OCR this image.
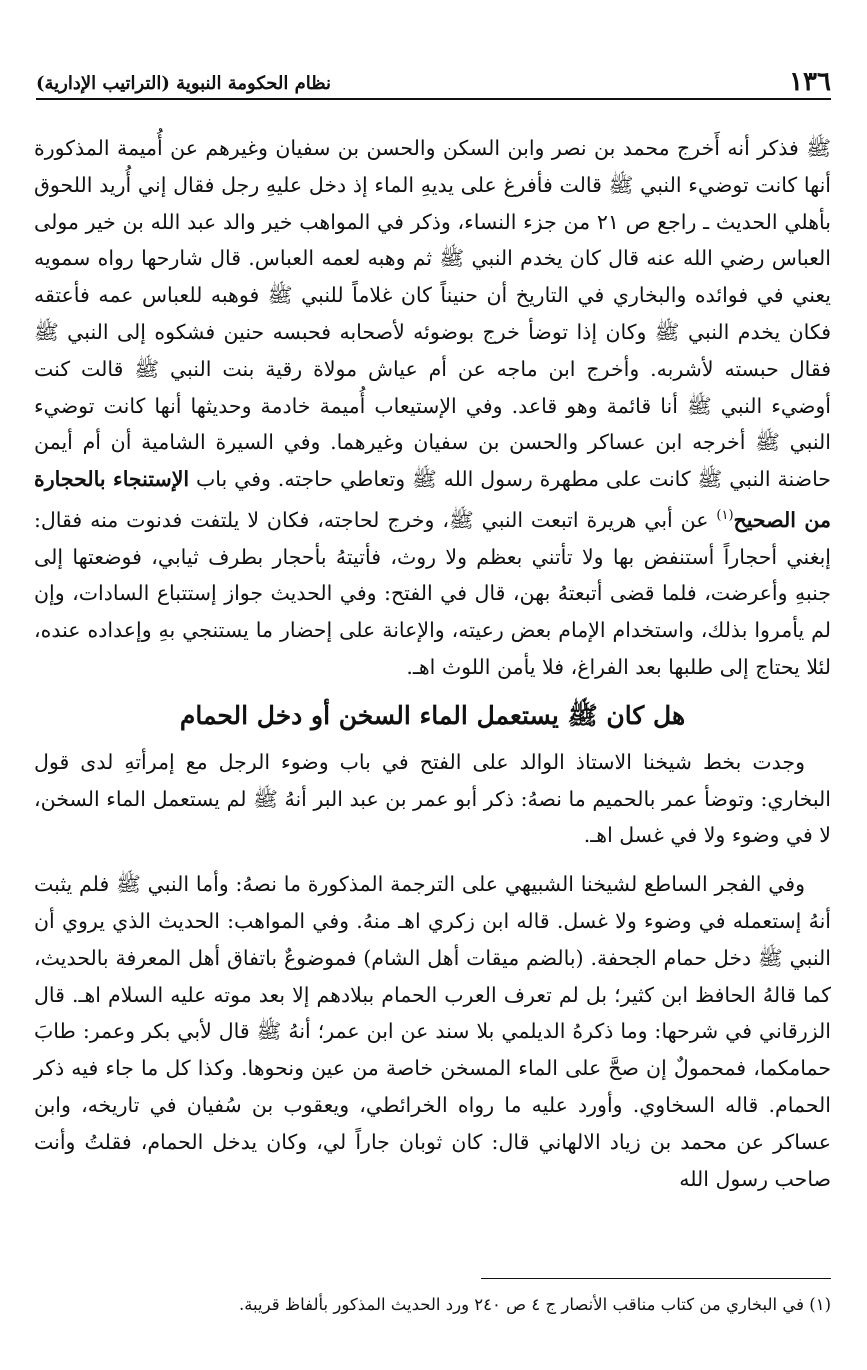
١٣٦
نظام الحكومة النبوية (التراتيب الإدارية)

ﷺ فذكر أنه أَخرج محمد بن نصر وابن السكن والحسن بن سفيان وغيرهم عن أُميمة المذكورة أنها كانت توضيء النبي ﷺ قالت فأفرغ على يديهِ الماء إذ دخل عليهِ رجل فقال إني أُريد اللحوق بأهلي الحديث ـ راجع ص ٢١ من جزء النساء، وذكر في المواهب خير والد عبد الله بن خير مولى العباس رضي الله عنه قال كان يخدم النبي ﷺ ثم وهبه لعمه العباس. قال شارحها رواه سمويه يعني في فوائده والبخاري في التاريخ أن حنيناً كان غلاماً للنبي ﷺ فوهبه للعباس عمه فأعتقه فكان يخدم النبي ﷺ وكان إذا توضأ خرج بوضوئه لأصحابه فحبسه حنين فشكوه إلى النبي ﷺ فقال حبسته لأشربه. وأخرج ابن ماجه عن أم عياش مولاة رقية بنت النبي ﷺ قالت كنت أوضيء النبي ﷺ أنا قائمة وهو قاعد. وفي الإستيعاب أُميمة خادمة وحديثها أنها كانت توضيء النبي ﷺ أخرجه ابن عساكر والحسن بن سفيان وغيرهما. وفي السيرة الشامية أن أم أيمن حاضنة النبي ﷺ كانت على مطهرة رسول الله ﷺ وتعاطي حاجته. وفي باب الإستنجاء بالحجارة من الصحيح$^{(١)}$ عن أبي هريرة اتبعت النبي ﷺ، وخرج لحاجته، فكان لا يلتفت فدنوت منه فقال: إبغني أحجاراً أستنفض بها ولا تأتني بعظم ولا روث، فأتيتهُ بأحجار بطرف ثيابي، فوضعتها إلى جنبهِ وأعرضت، فلما قضى أتبعتهُ بهن، قال في الفتح: وفي الحديث جواز إستتباع السادات، وإن لم يأمروا بذلك، واستخدام الإمام بعض رعيته، والإعانة على إحضار ما يستنجي بهِ وإعداده عنده، لئلا يحتاج إلى طلبها بعد الفراغ، فلا يأمن اللوث اهـ.

هل كان ﷺ يستعمل الماء السخن أو دخل الحمام

وجدت بخط شيخنا الاستاذ الوالد على الفتح في باب وضوء الرجل مع إمرأتهِ لدى قول البخاري: وتوضأ عمر بالحميم ما نصهُ: ذكر أبو عمر بن عبد البر أنهُ ﷺ لم يستعمل الماء السخن، لا في وضوء ولا في غسل اهـ.

وفي الفجر الساطع لشيخنا الشبيهي على الترجمة المذكورة ما نصهُ: وأما النبي ﷺ فلم يثبت أنهُ إستعمله في وضوء ولا غسل. قاله ابن زكري اهـ منهُ. وفي المواهب: الحديث الذي يروي أن النبي ﷺ دخل حمام الجحفة. (بالضم ميقات أهل الشام) فموضوعٌ باتفاق أهل المعرفة بالحديث، كما قالهُ الحافظ ابن كثير؛ بل لم تعرف العرب الحمام ببلادهم إلا بعد موته عليه السلام اهـ. قال الزرقاني في شرحها: وما ذكرهُ الديلمي بلا سند عن ابن عمر؛ أنهُ ﷺ قال لأبي بكر وعمر: طابَ حمامكما، فمحمولٌ إن صحَّ على الماء المسخن خاصة من عين ونحوها. وكذا كل ما جاء فيه ذكر الحمام. قاله السخاوي. وأورد عليه ما رواه الخرائطي، ويعقوب بن سُفيان في تاريخه، وابن عساكر عن محمد بن زياد الالهاني قال: كان ثوبان جاراً لي، وكان يدخل الحمام، فقلتُ وأنت صاحب رسول الله

(١) في البخاري من كتاب مناقب الأنصار ج ٤ ص ٢٤٠ ورد الحديث المذكور بألفاظ قريبة.
